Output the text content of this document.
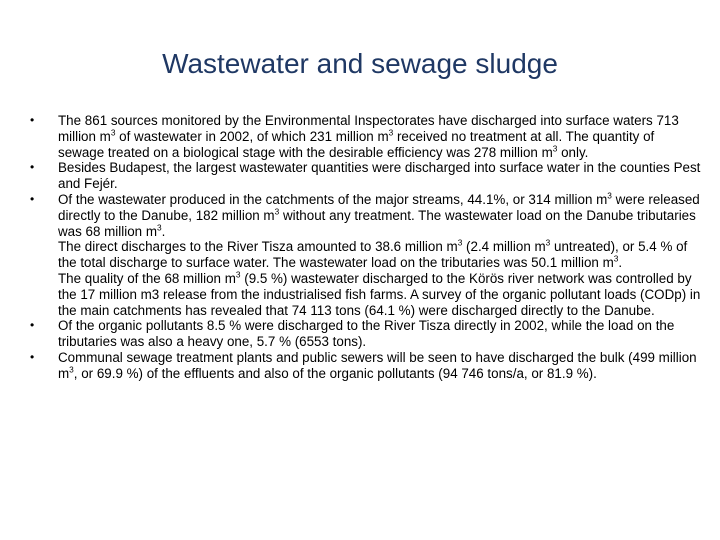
Wastewater and sewage sludge
• The 861 sources monitored by the Environmental Inspectorates have discharged into surface waters 713 million $m^3$ of wastewater in 2002, of which 231 million $m^3$ received no treatment at all. The quantity of sewage treated on a biological stage with the desirable efficiency was 278 million $m^3$ only.
• Besides Budapest, the largest wastewater quantities were discharged into surface water in the counties Pest and Fejér.
• Of the wastewater produced in the catchments of the major streams, 44.1%, or 314 million $m^3$ were released directly to the Danube, 182 million $m^3$ without any treatment. The wastewater load on the Danube tributaries was 68 million $m^3$.
The direct discharges to the River Tisza amounted to 38.6 million $m^3$ (2.4 million $m^3$ untreated), or 5.4 % of the total discharge to surface water. The wastewater load on the tributaries was 50.1 million $m^3$.
The quality of the 68 million $m^3$ (9.5 %) wastewater discharged to the Körös river network was controlled by the 17 million m3 release from the industrialised fish farms. A survey of the organic pollutant loads (CODp) in the main catchments has revealed that 74 113 tons (64.1 %) were discharged directly to the Danube.
• Of the organic pollutants 8.5 % were discharged to the River Tisza directly in 2002, while the load on the tributaries was also a heavy one, 5.7 % (6553 tons).
• Communal sewage treatment plants and public sewers will be seen to have discharged the bulk (499 million $m^3$, or 69.9 %) of the effluents and also of the organic pollutants (94 746 tons/a, or 81.9 %).
